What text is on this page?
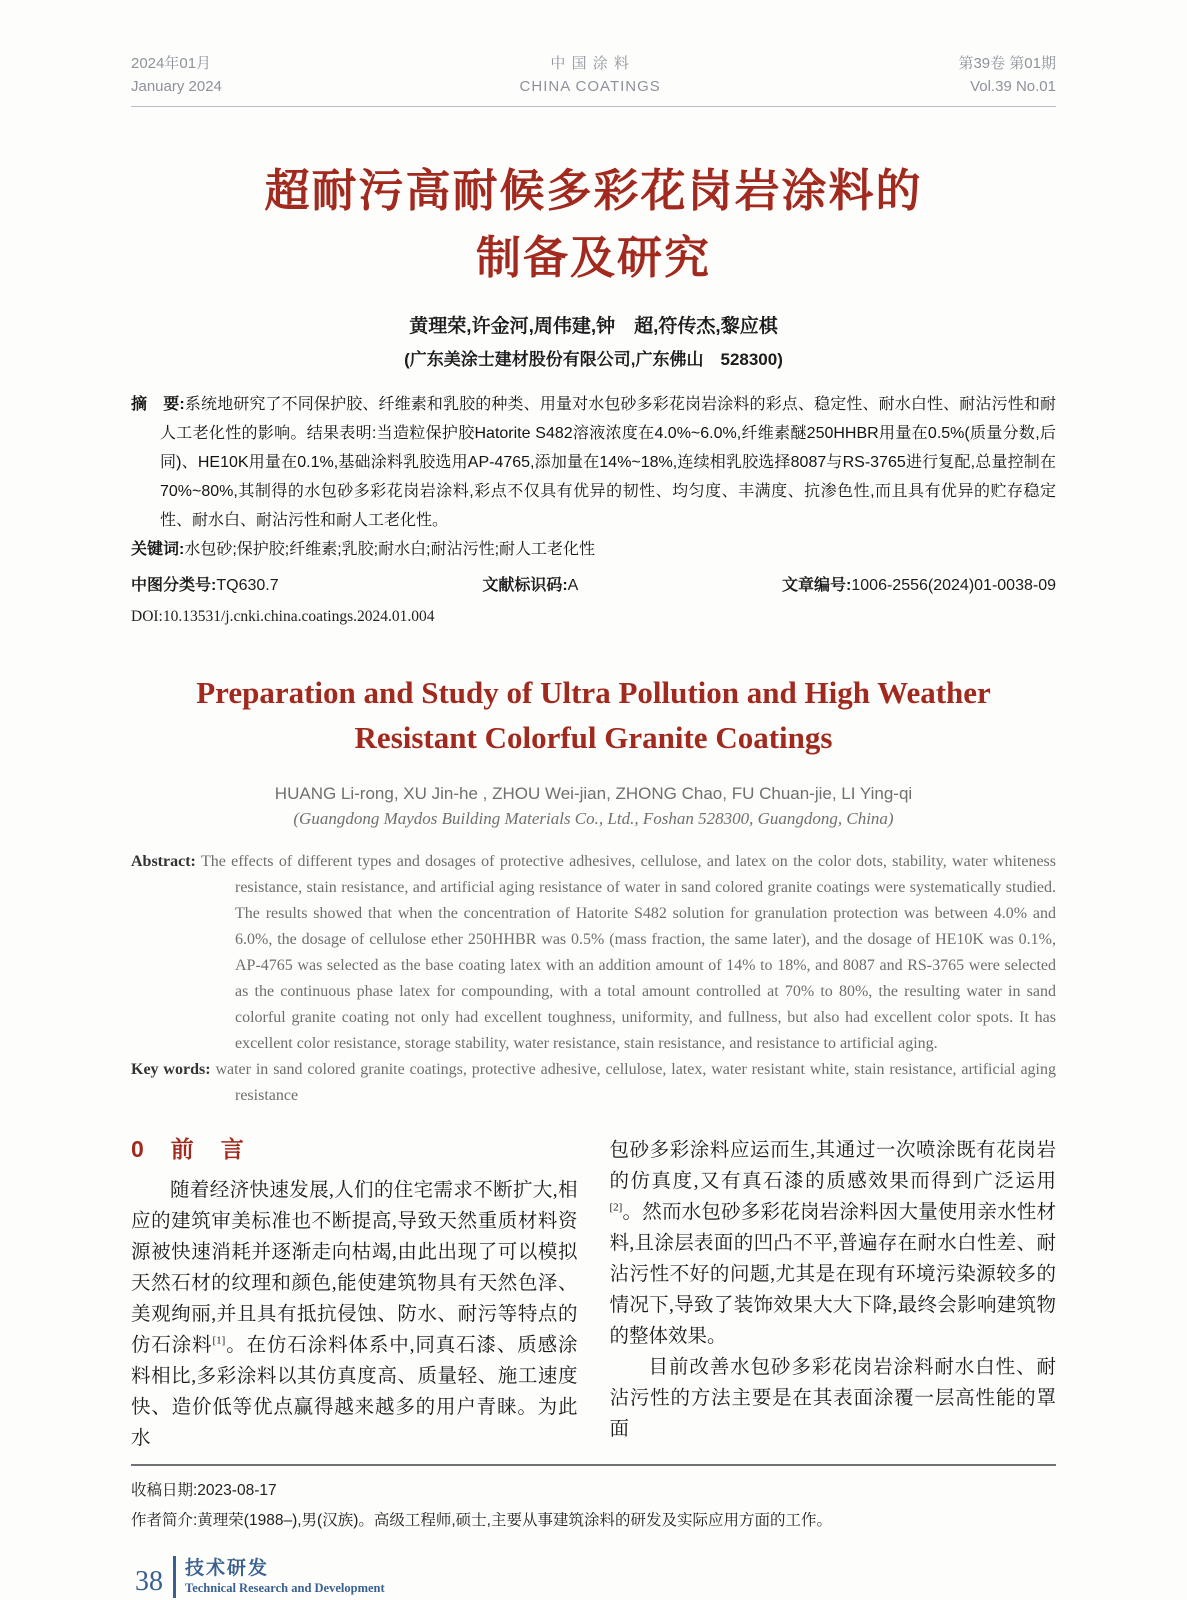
2024年01月
January 2024
中 国 涂 料
CHINA COATINGS
第39卷 第01期
Vol.39 No.01
超耐污高耐候多彩花岗岩涂料的
制备及研究
黄理荣,许金河,周伟建,钟　超,符传杰,黎应棋
(广东美涂士建材股份有限公司,广东佛山　528300)

摘　要:系统地研究了不同保护胶、纤维素和乳胶的种类、用量对水包砂多彩花岗岩涂料的彩点、稳定性、耐水白性、耐沾污性和耐人工老化性的影响。结果表明:当造粒保护胶Hatorite S482溶液浓度在4.0%~6.0%,纤维素醚250HHBR用量在0.5%(质量分数,后同)、HE10K用量在0.1%,基础涂料乳胶选用AP-4765,添加量在14%~18%,连续相乳胶选择8087与RS-3765进行复配,总量控制在70%~80%,其制得的水包砂多彩花岗岩涂料,彩点不仅具有优异的韧性、均匀度、丰满度、抗渗色性,而且具有优异的贮存稳定性、耐水白、耐沾污性和耐人工老化性。

关键词:水包砂;保护胶;纤维素;乳胶;耐水白;耐沾污性;耐人工老化性

中图分类号:TQ630.7	文献标识码:A	文章编号:1006-2556(2024)01-0038-09
DOI:10.13531/j.cnki.china.coatings.2024.01.004
Preparation and Study of Ultra Pollution and High Weather
Resistant Colorful Granite Coatings
HUANG Li-rong, XU Jin-he , ZHOU Wei-jian, ZHONG Chao, FU Chuan-jie, LI Ying-qi
(Guangdong Maydos Building Materials Co., Ltd., Foshan 528300, Guangdong, China)

Abstract: The effects of different types and dosages of protective adhesives, cellulose, and latex on the color dots, stability, water whiteness resistance, stain resistance, and artificial aging resistance of water in sand colored granite coatings were systematically studied. The results showed that when the concentration of Hatorite S482 solution for granulation protection was between 4.0% and 6.0%, the dosage of cellulose ether 250HHBR was 0.5% (mass fraction, the same later), and the dosage of HE10K was 0.1%, AP-4765 was selected as the base coating latex with an addition amount of 14% to 18%, and 8087 and RS-3765 were selected as the continuous phase latex for compounding, with a total amount controlled at 70% to 80%, the resulting water in sand colorful granite coating not only had excellent toughness, uniformity, and fullness, but also had excellent color spots. It has excellent color resistance, storage stability, water resistance, stain resistance, and resistance to artificial aging.

Key words: water in sand colored granite coatings, protective adhesive, cellulose, latex, water resistant white, stain resistance, artificial aging resistance

0　前　言

随着经济快速发展,人们的住宅需求不断扩大,相应的建筑审美标准也不断提高,导致天然重质材料资源被快速消耗并逐渐走向枯竭,由此出现了可以模拟天然石材的纹理和颜色,能使建筑物具有天然色泽、美观绚丽,并且具有抵抗侵蚀、防水、耐污等特点的仿石涂料[1]。在仿石涂料体系中,同真石漆、质感涂料相比,多彩涂料以其仿真度高、质量轻、施工速度快、造价低等优点赢得越来越多的用户青睐。为此水

包砂多彩涂料应运而生,其通过一次喷涂既有花岗岩的仿真度,又有真石漆的质感效果而得到广泛运用[2]。然而水包砂多彩花岗岩涂料因大量使用亲水性材料,且涂层表面的凹凸不平,普遍存在耐水白性差、耐沾污性不好的问题,尤其是在现有环境污染源较多的情况下,导致了装饰效果大大下降,最终会影响建筑物的整体效果。

目前改善水包砂多彩花岗岩涂料耐水白性、耐沾污性的方法主要是在其表面涂覆一层高性能的罩面

收稿日期:2023-08-17
作者简介:黄理荣(1988–),男(汉族)。高级工程师,硕士,主要从事建筑涂料的研发及实际应用方面的工作。
38	技术研发
Technical Research and Development
